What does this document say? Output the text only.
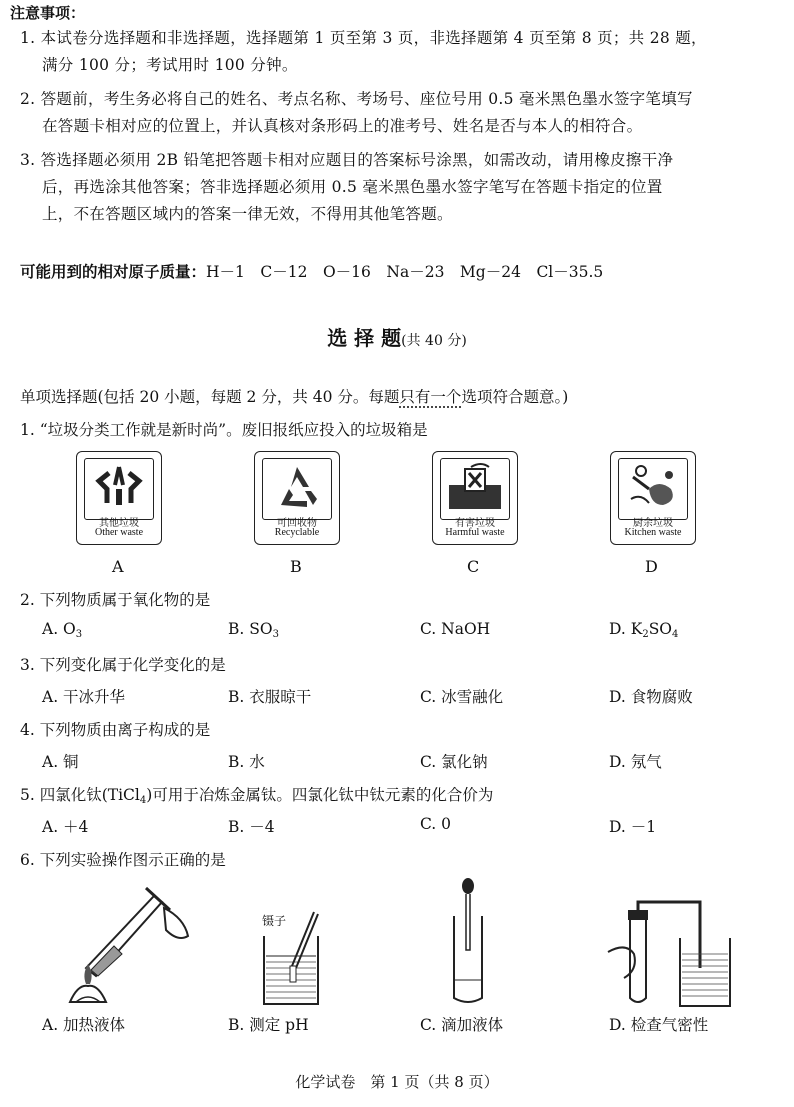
注意事项：
1. 本试卷分选择题和非选择题，选择题第 1 页至第 3 页，非选择题第 4 页至第 8 页；共 28 题，
满分 100 分；考试用时 100 分钟。
2. 答题前，考生务必将自己的姓名、考点名称、考场号、座位号用 0.5 毫米黑色墨水签字笔填写
在答题卡相对应的位置上，并认真核对条形码上的准考号、姓名是否与本人的相符合。
3. 答选择题必须用 2B 铅笔把答题卡相对应题目的答案标号涂黑，如需改动，请用橡皮擦干净
后，再选涂其他答案；答非选择题必须用 0.5 毫米黑色墨水签字笔写在答题卡指定的位置
上，不在答题区域内的答案一律无效，不得用其他笔答题。
可能用到的相对原子质量：H－1　C－12　O－16　Na－23　Mg－24　Cl－35.5
选 择 题(共 40 分)
单项选择题(包括 20 小题，每题 2 分，共 40 分。每题只有一个选项符合题意。)
1. “垃圾分类工作就是新时尚”。废旧报纸应投入的垃圾箱是
其他垃圾
Other waste
可回收物
Recyclable
有害垃圾
Harmful waste
厨余垃圾
Kitchen waste
A	B	C	D
2. 下列物质属于氧化物的是
A. $O_3$	B. $SO_3$	C. NaOH	D. $K_2SO_4$
3. 下列变化属于化学变化的是
A. 干冰升华	B. 衣服晾干	C. 冰雪融化	D. 食物腐败
4. 下列物质由离子构成的是
A. 铜	B. 水	C. 氯化钠	D. 氖气
5. 四氯化钛(TiCl$_4$)可用于冶炼金属钛。四氯化钛中钛元素的化合价为
A. ＋4	B. －4	C. 0	D. －1
6. 下列实验操作图示正确的是
镊子
A. 加热液体	B. 测定 pH	C. 滴加液体	D. 检查气密性
化学试卷　第 1 页（共 8 页）
